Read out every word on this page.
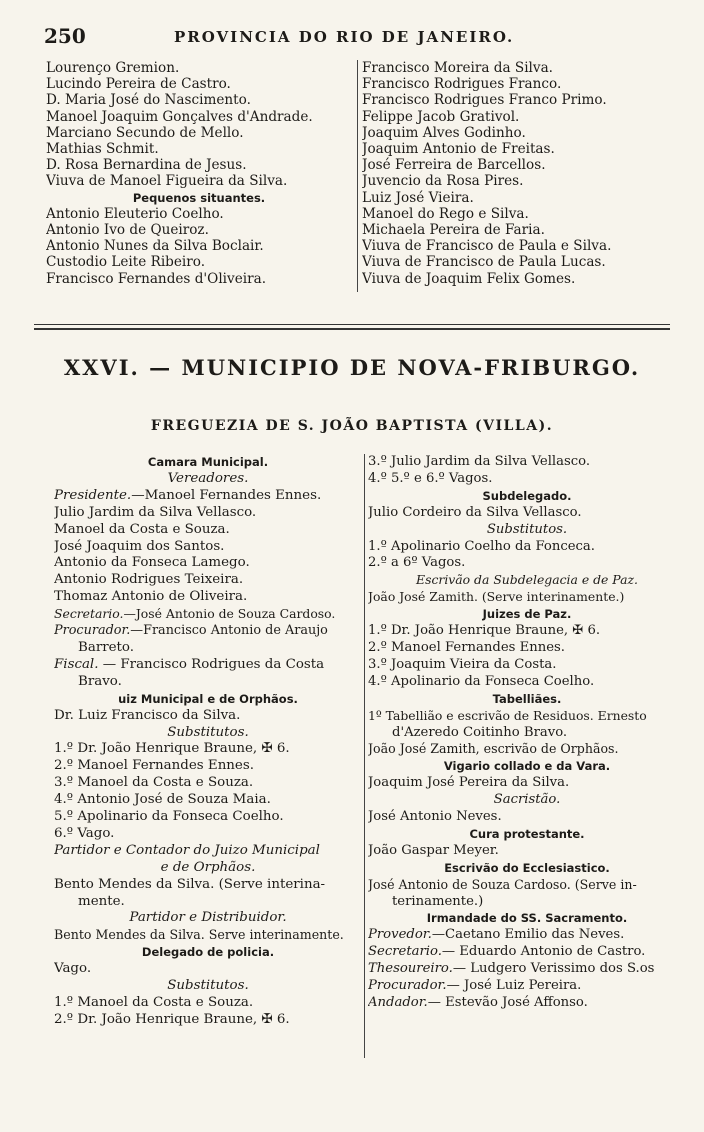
250	PROVINCIA DO RIO DE JANEIRO.
Lourenço Gremion.
Lucindo Pereira de Castro.
D. Maria José do Nascimento.
Manoel Joaquim Gonçalves d'Andrade.
Marciano Secundo de Mello.
Mathias Schmit.
D. Rosa Bernardina de Jesus.
Viuva de Manoel Figueira da Silva.
Pequenos situantes.
Antonio Eleuterio Coelho.
Antonio Ivo de Queiroz.
Antonio Nunes da Silva Boclair.
Custodio Leite Ribeiro.
Francisco Fernandes d'Oliveira.
Francisco Moreira da Silva.
Francisco Rodrigues Franco.
Francisco Rodrigues Franco Primo.
Felippe Jacob Grativol.
Joaquim Alves Godinho.
Joaquim Antonio de Freitas.
José Ferreira de Barcellos.
Juvencio da Rosa Pires.
Luiz José Vieira.
Manoel do Rego e Silva.
Michaela Pereira de Faria.
Viuva de Francisco de Paula e Silva.
Viuva de Francisco de Paula Lucas.
Viuva de Joaquim Felix Gomes.
XXVI. — MUNICIPIO DE NOVA-FRIBURGO.
FREGUEZIA DE S. JOÃO BAPTISTA (VILLA).
Camara Municipal.
Vereadores.
Presidente.—Manoel Fernandes Ennes.
Julio Jardim da Silva Vellasco.
Manoel da Costa e Souza.
José Joaquim dos Santos.
Antonio da Fonseca Lamego.
Antonio Rodrigues Teixeira.
Thomaz Antonio de Oliveira.
Secretario.—José Antonio de Souza Cardoso.
Procurador.—Francisco Antonio de Araujo
Barreto.
Fiscal. — Francisco Rodrigues da Costa
Bravo.
uiz Municipal e de Orphãos.
Dr. Luiz Francisco da Silva.
Substitutos.
1.º Dr. João Henrique Braune, ✠ 6.
2.º Manoel Fernandes Ennes.
3.º Manoel da Costa e Souza.
4.º Antonio José de Souza Maia.
5.º Apolinario da Fonseca Coelho.
6.º Vago.
Partidor e Contador do Juizo Municipal
e de Orphãos.
Bento Mendes da Silva. (Serve interina-
mente.
Partidor e Distribuidor.
Bento Mendes da Silva. Serve interinamente.
Delegado de policia.
Vago.
Substitutos.
1.º Manoel da Costa e Souza.
2.º Dr. João Henrique Braune, ✠ 6.
3.º Julio Jardim da Silva Vellasco.
4.º 5.º e 6.º Vagos.
Subdelegado.
Julio Cordeiro da Silva Vellasco.
Substitutos.
1.º Apolinario Coelho da Fonceca.
2.º a 6º Vagos.
Escrivão da Subdelegacia e de Paz.
João José Zamith. (Serve interinamente.)
Juizes de Paz.
1.º Dr. João Henrique Braune, ✠ 6.
2.º Manoel Fernandes Ennes.
3.º Joaquim Vieira da Costa.
4.º Apolinario da Fonseca Coelho.
Tabelliães.
1º Tabellião e escrivão de Residuos. Ernesto
d'Azeredo Coitinho Bravo.
João José Zamith, escrivão de Orphãos.
Vigario collado e da Vara.
Joaquim José Pereira da Silva.
Sacristão.
José Antonio Neves.
Cura protestante.
João Gaspar Meyer.
Escrivão do Ecclesiastico.
José Antonio de Souza Cardoso. (Serve in-
terinamente.)
Irmandade do SS. Sacramento.
Provedor.—Caetano Emilio das Neves.
Secretario.— Eduardo Antonio de Castro.
Thesoureiro.— Ludgero Verissimo dos S.os
Procurador.— José Luiz Pereira.
Andador.— Estevão José Affonso.
